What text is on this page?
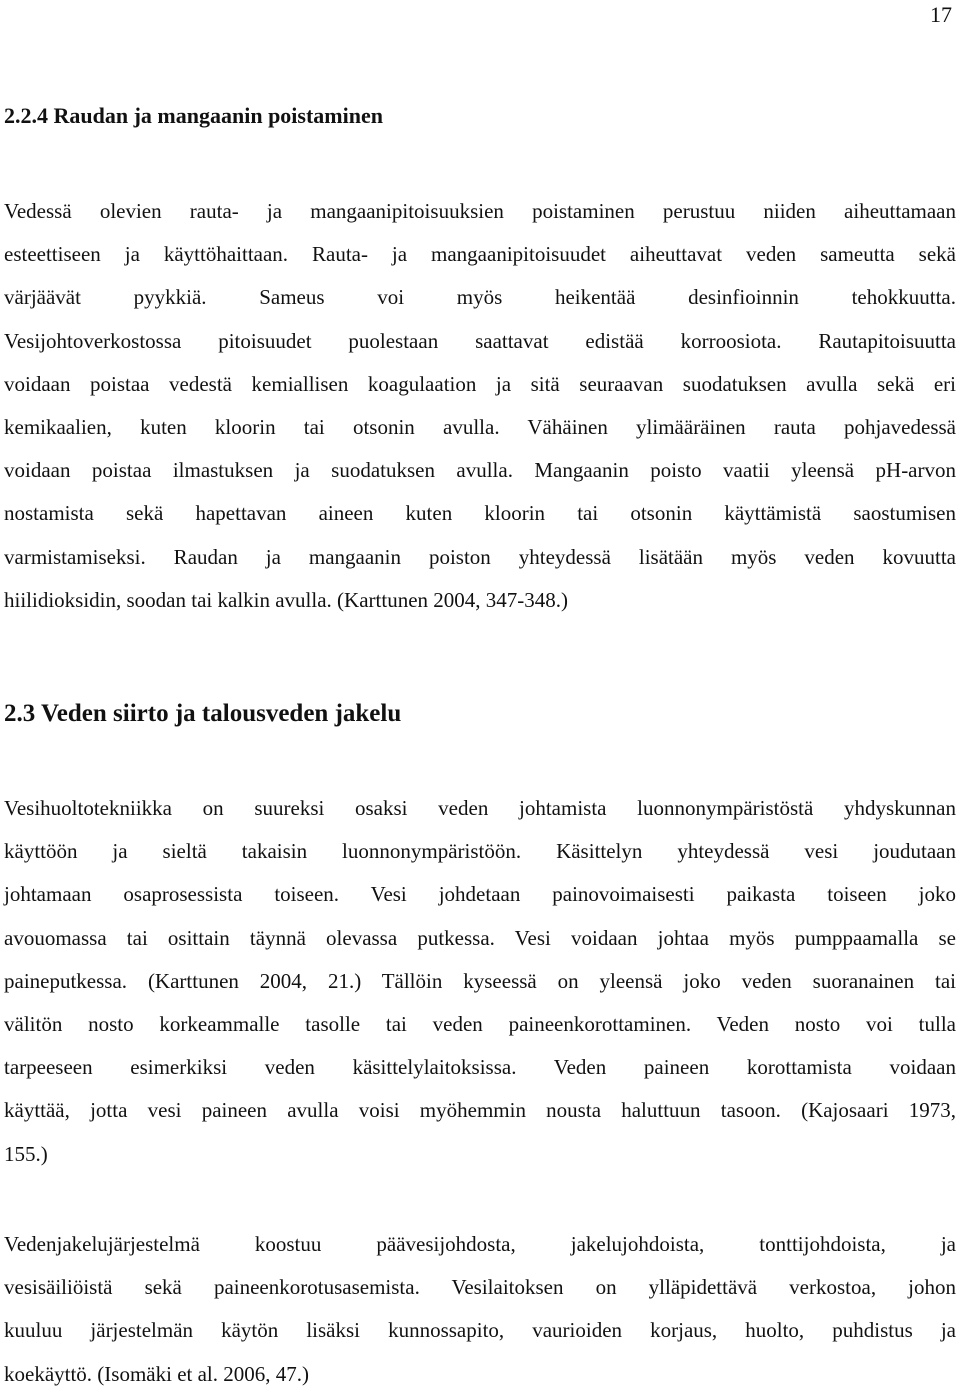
17
2.2.4 Raudan ja mangaanin poistaminen
Vedessä olevien rauta- ja mangaanipitoisuuksien poistaminen perustuu niiden aiheuttamaan
esteettiseen ja käyttöhaittaan. Rauta- ja mangaanipitoisuudet aiheuttavat veden sameutta sekä
värjäävät pyykkiä. Sameus voi myös heikentää desinfioinnin tehokkuutta.
Vesijohtoverkostossa pitoisuudet puolestaan saattavat edistää korroosiota. Rautapitoisuutta
voidaan poistaa vedestä kemiallisen koagulaation ja sitä seuraavan suodatuksen avulla sekä eri
kemikaalien, kuten kloorin tai otsonin avulla. Vähäinen ylimääräinen rauta pohjavedessä
voidaan poistaa ilmastuksen ja suodatuksen avulla. Mangaanin poisto vaatii yleensä pH-arvon
nostamista sekä hapettavan aineen kuten kloorin tai otsonin käyttämistä saostumisen
varmistamiseksi. Raudan ja mangaanin poiston yhteydessä lisätään myös veden kovuutta
hiilidioksidin, soodan tai kalkin avulla. (Karttunen 2004, 347-348.)
2.3 Veden siirto ja talousveden jakelu
Vesihuoltotekniikka on suureksi osaksi veden johtamista luonnonympäristöstä yhdyskunnan
käyttöön ja sieltä takaisin luonnonympäristöön. Käsittelyn yhteydessä vesi joudutaan
johtamaan osaprosessista toiseen. Vesi johdetaan painovoimaisesti paikasta toiseen joko
avouomassa tai osittain täynnä olevassa putkessa. Vesi voidaan johtaa myös pumppaamalla se
paineputkessa. (Karttunen 2004, 21.) Tällöin kyseessä on yleensä joko veden suoranainen tai
välitön nosto korkeammalle tasolle tai veden paineenkorottaminen. Veden nosto voi tulla
tarpeeseen esimerkiksi veden käsittelylaitoksissa. Veden paineen korottamista voidaan
käyttää, jotta vesi paineen avulla voisi myöhemmin nousta haluttuun tasoon. (Kajosaari 1973,
155.)
Vedenjakelujärjestelmä koostuu päävesijohdosta, jakelujohdoista, tonttijohdoista, ja
vesisäiliöistä sekä paineenkorotusasemista. Vesilaitoksen on ylläpidettävä verkostoa, johon
kuuluu järjestelmän käytön lisäksi kunnossapito, vaurioiden korjaus, huolto, puhdistus ja
koekäyttö. (Isomäki et al. 2006, 47.)
